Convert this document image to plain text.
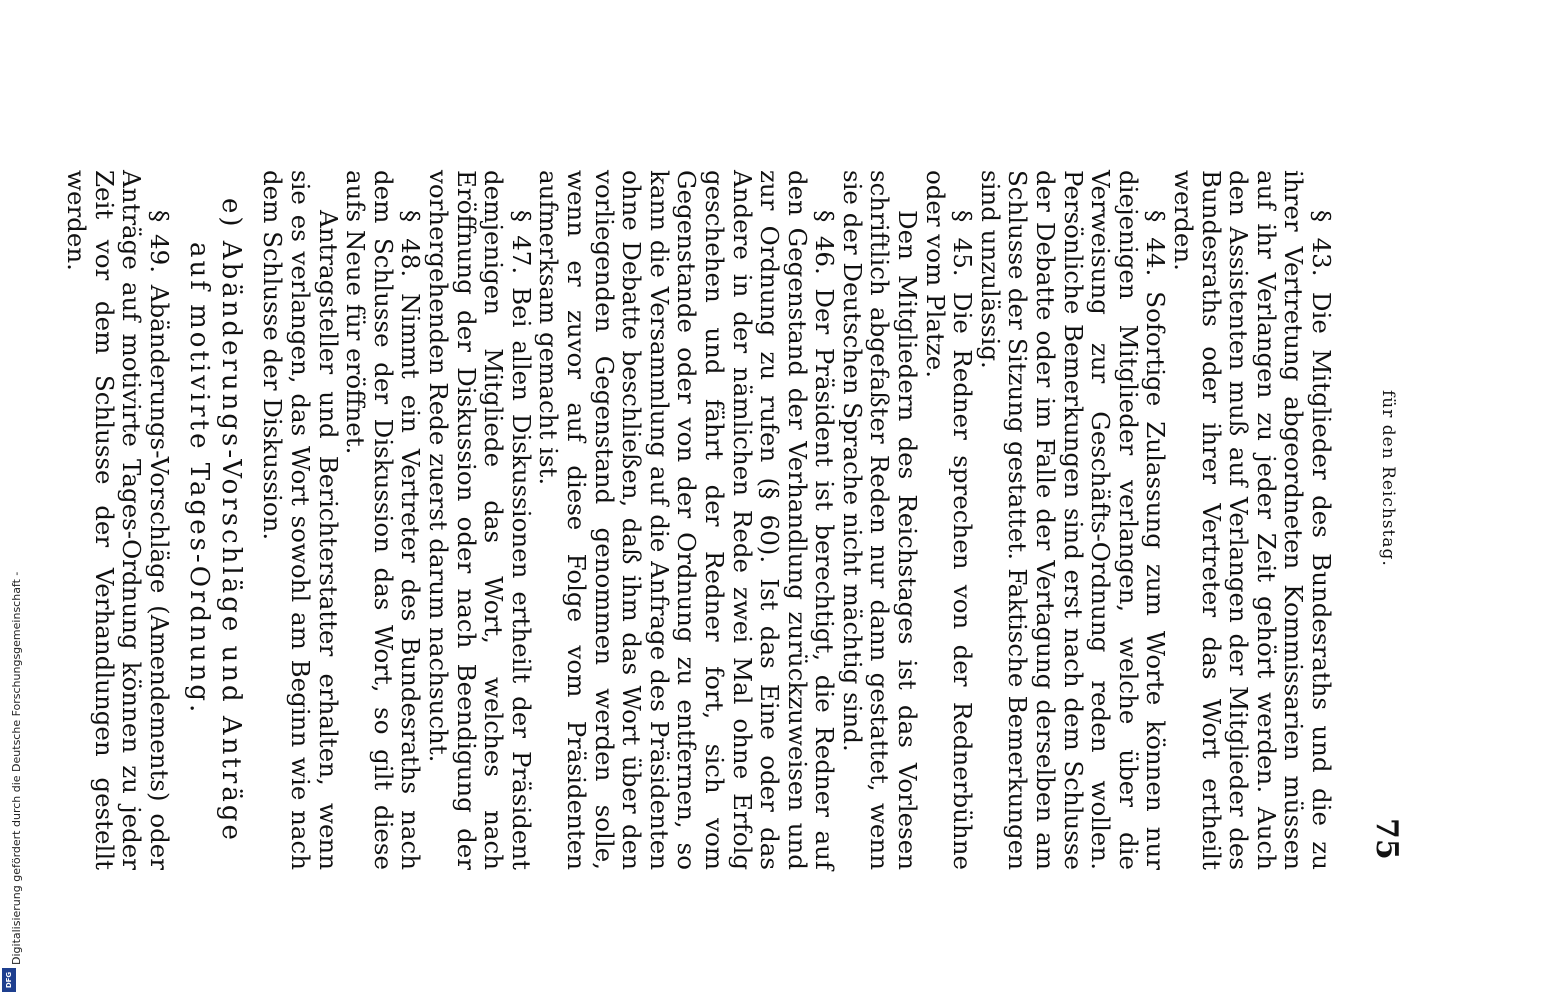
für den Reichstag.
75

§ 43. Die Mitglieder des Bundesraths und die zu ihrer Vertretung abgeordneten Kommissarien müssen auf ihr Verlangen zu jeder Zeit gehört werden. Auch den Assistenten muß auf Verlangen der Mitglieder des Bundesraths oder ihrer Vertreter das Wort ertheilt werden.

§ 44. Sofortige Zulassung zum Worte können nur diejenigen Mitglieder verlangen, welche über die Verweisung zur Geschäfts-Ordnung reden wollen. Persönliche Bemerkungen sind erst nach dem Schlusse der Debatte oder im Falle der Vertagung derselben am Schlusse der Sitzung gestattet. Faktische Bemerkungen sind unzulässig.

§ 45. Die Redner sprechen von der Rednerbühne oder vom Platze.

Den Mitgliedern des Reichstages ist das Vorlesen schriftlich abgefaßter Reden nur dann gestattet, wenn sie der Deutschen Sprache nicht mächtig sind.

§ 46. Der Präsident ist berechtigt, die Redner auf den Gegenstand der Verhandlung zurückzuweisen und zur Ordnung zu rufen (§ 60). Ist das Eine oder das Andere in der nämlichen Rede zwei Mal ohne Erfolg geschehen und fährt der Redner fort, sich vom Gegenstande oder von der Ordnung zu entfernen, so kann die Versammlung auf die Anfrage des Präsidenten ohne Debatte beschließen, daß ihm das Wort über den vorliegenden Gegenstand genommen werden solle, wenn er zuvor auf diese Folge vom Präsidenten aufmerksam gemacht ist.

§ 47. Bei allen Diskussionen ertheilt der Präsident demjenigen Mitgliede das Wort, welches nach Eröffnung der Diskussion oder nach Beendigung der vorhergehenden Rede zuerst darum nachsucht.

§ 48. Nimmt ein Vertreter des Bundesraths nach dem Schlusse der Diskussion das Wort, so gilt diese aufs Neue für eröffnet.

Antragsteller und Berichterstatter erhalten, wenn sie es verlangen, das Wort sowohl am Beginn wie nach dem Schlusse der Diskussion.

e) Abänderungs-Vorschläge und Anträge auf motivirte Tages-Ordnung.

§ 49. Abänderungs-Vorschläge (Amendements) oder Anträge auf motivirte Tages-Ordnung können zu jeder Zeit vor dem Schlusse der Verhandlungen gestellt werden.

Digitalisierung gefördert durch die Deutsche Forschungsgemeinschaft -
DFG
